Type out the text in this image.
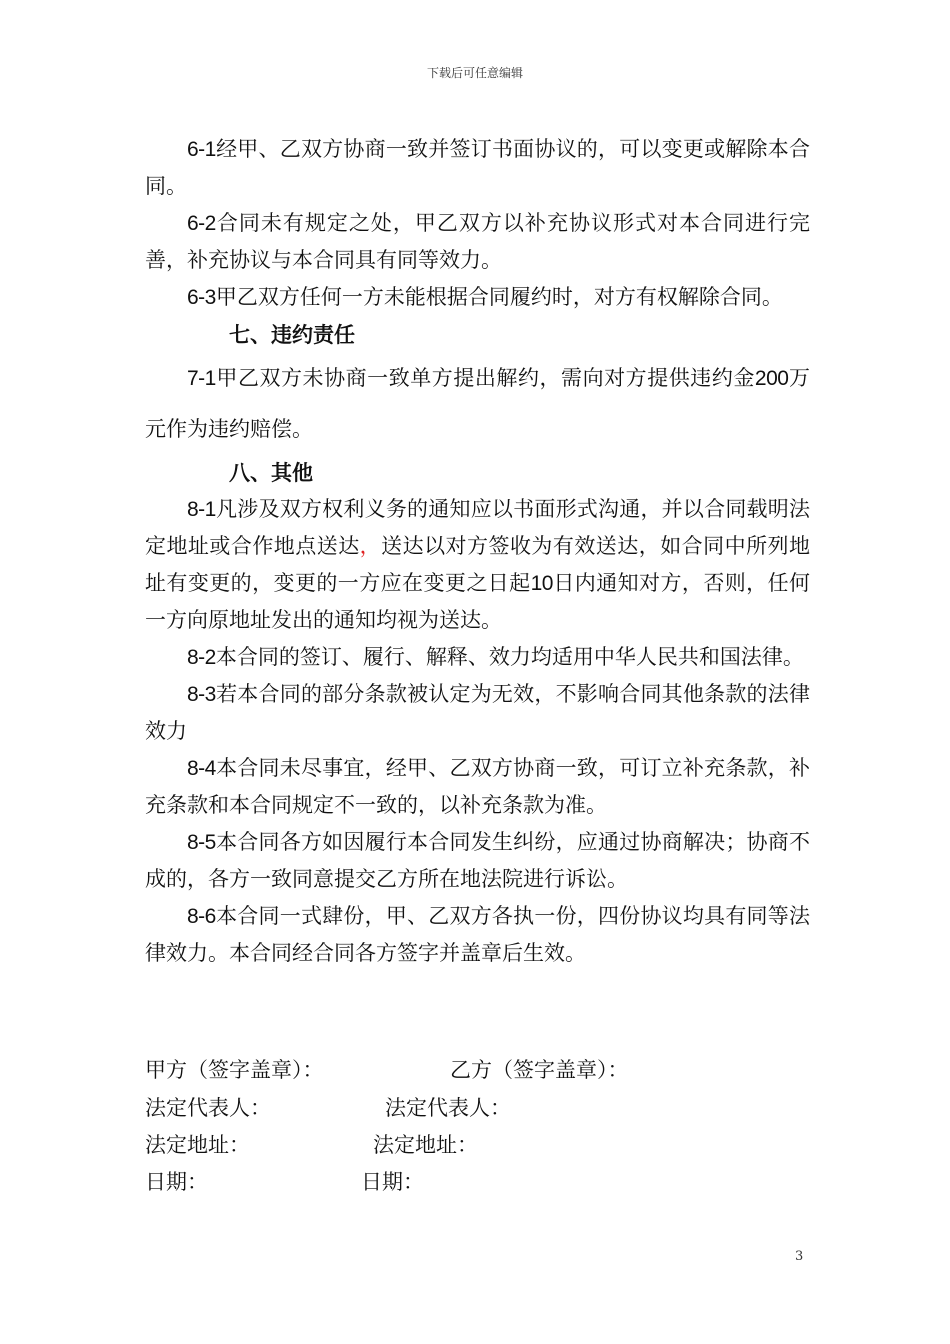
下载后可任意编辑

6-1经甲、乙双方协商一致并签订书面协议的，可以变更或解除本合同。

6-2合同未有规定之处，甲乙双方以补充协议形式对本合同进行完善，补充协议与本合同具有同等效力。

6-3甲乙双方任何一方未能根据合同履约时，对方有权解除合同。

七、违约责任

7-1甲乙双方未协商一致单方提出解约，需向对方提供违约金200万元作为违约赔偿。

八、其他

8-1凡涉及双方权利义务的通知应以书面形式沟通，并以合同载明法定地址或合作地点送达，送达以对方签收为有效送达，如合同中所列地址有变更的，变更的一方应在变更之日起10日内通知对方，否则，任何一方向原地址发出的通知均视为送达。

8-2本合同的签订、履行、解释、效力均适用中华人民共和国法律。

8-3若本合同的部分条款被认定为无效，不影响合同其他条款的法律效力

8-4本合同未尽事宜，经甲、乙双方协商一致，可订立补充条款，补充条款和本合同规定不一致的，以补充条款为准。

8-5本合同各方如因履行本合同发生纠纷，应通过协商解决；协商不成的，各方一致同意提交乙方所在地法院进行诉讼。

8-6本合同一式肆份，甲、乙双方各执一份，四份协议均具有同等法律效力。本合同经合同各方签字并盖章后生效。

甲方（签字盖章）：	乙方（签字盖章）：
法定代表人：	法定代表人：
法定地址：	法定地址：
日期：	日期：
3
